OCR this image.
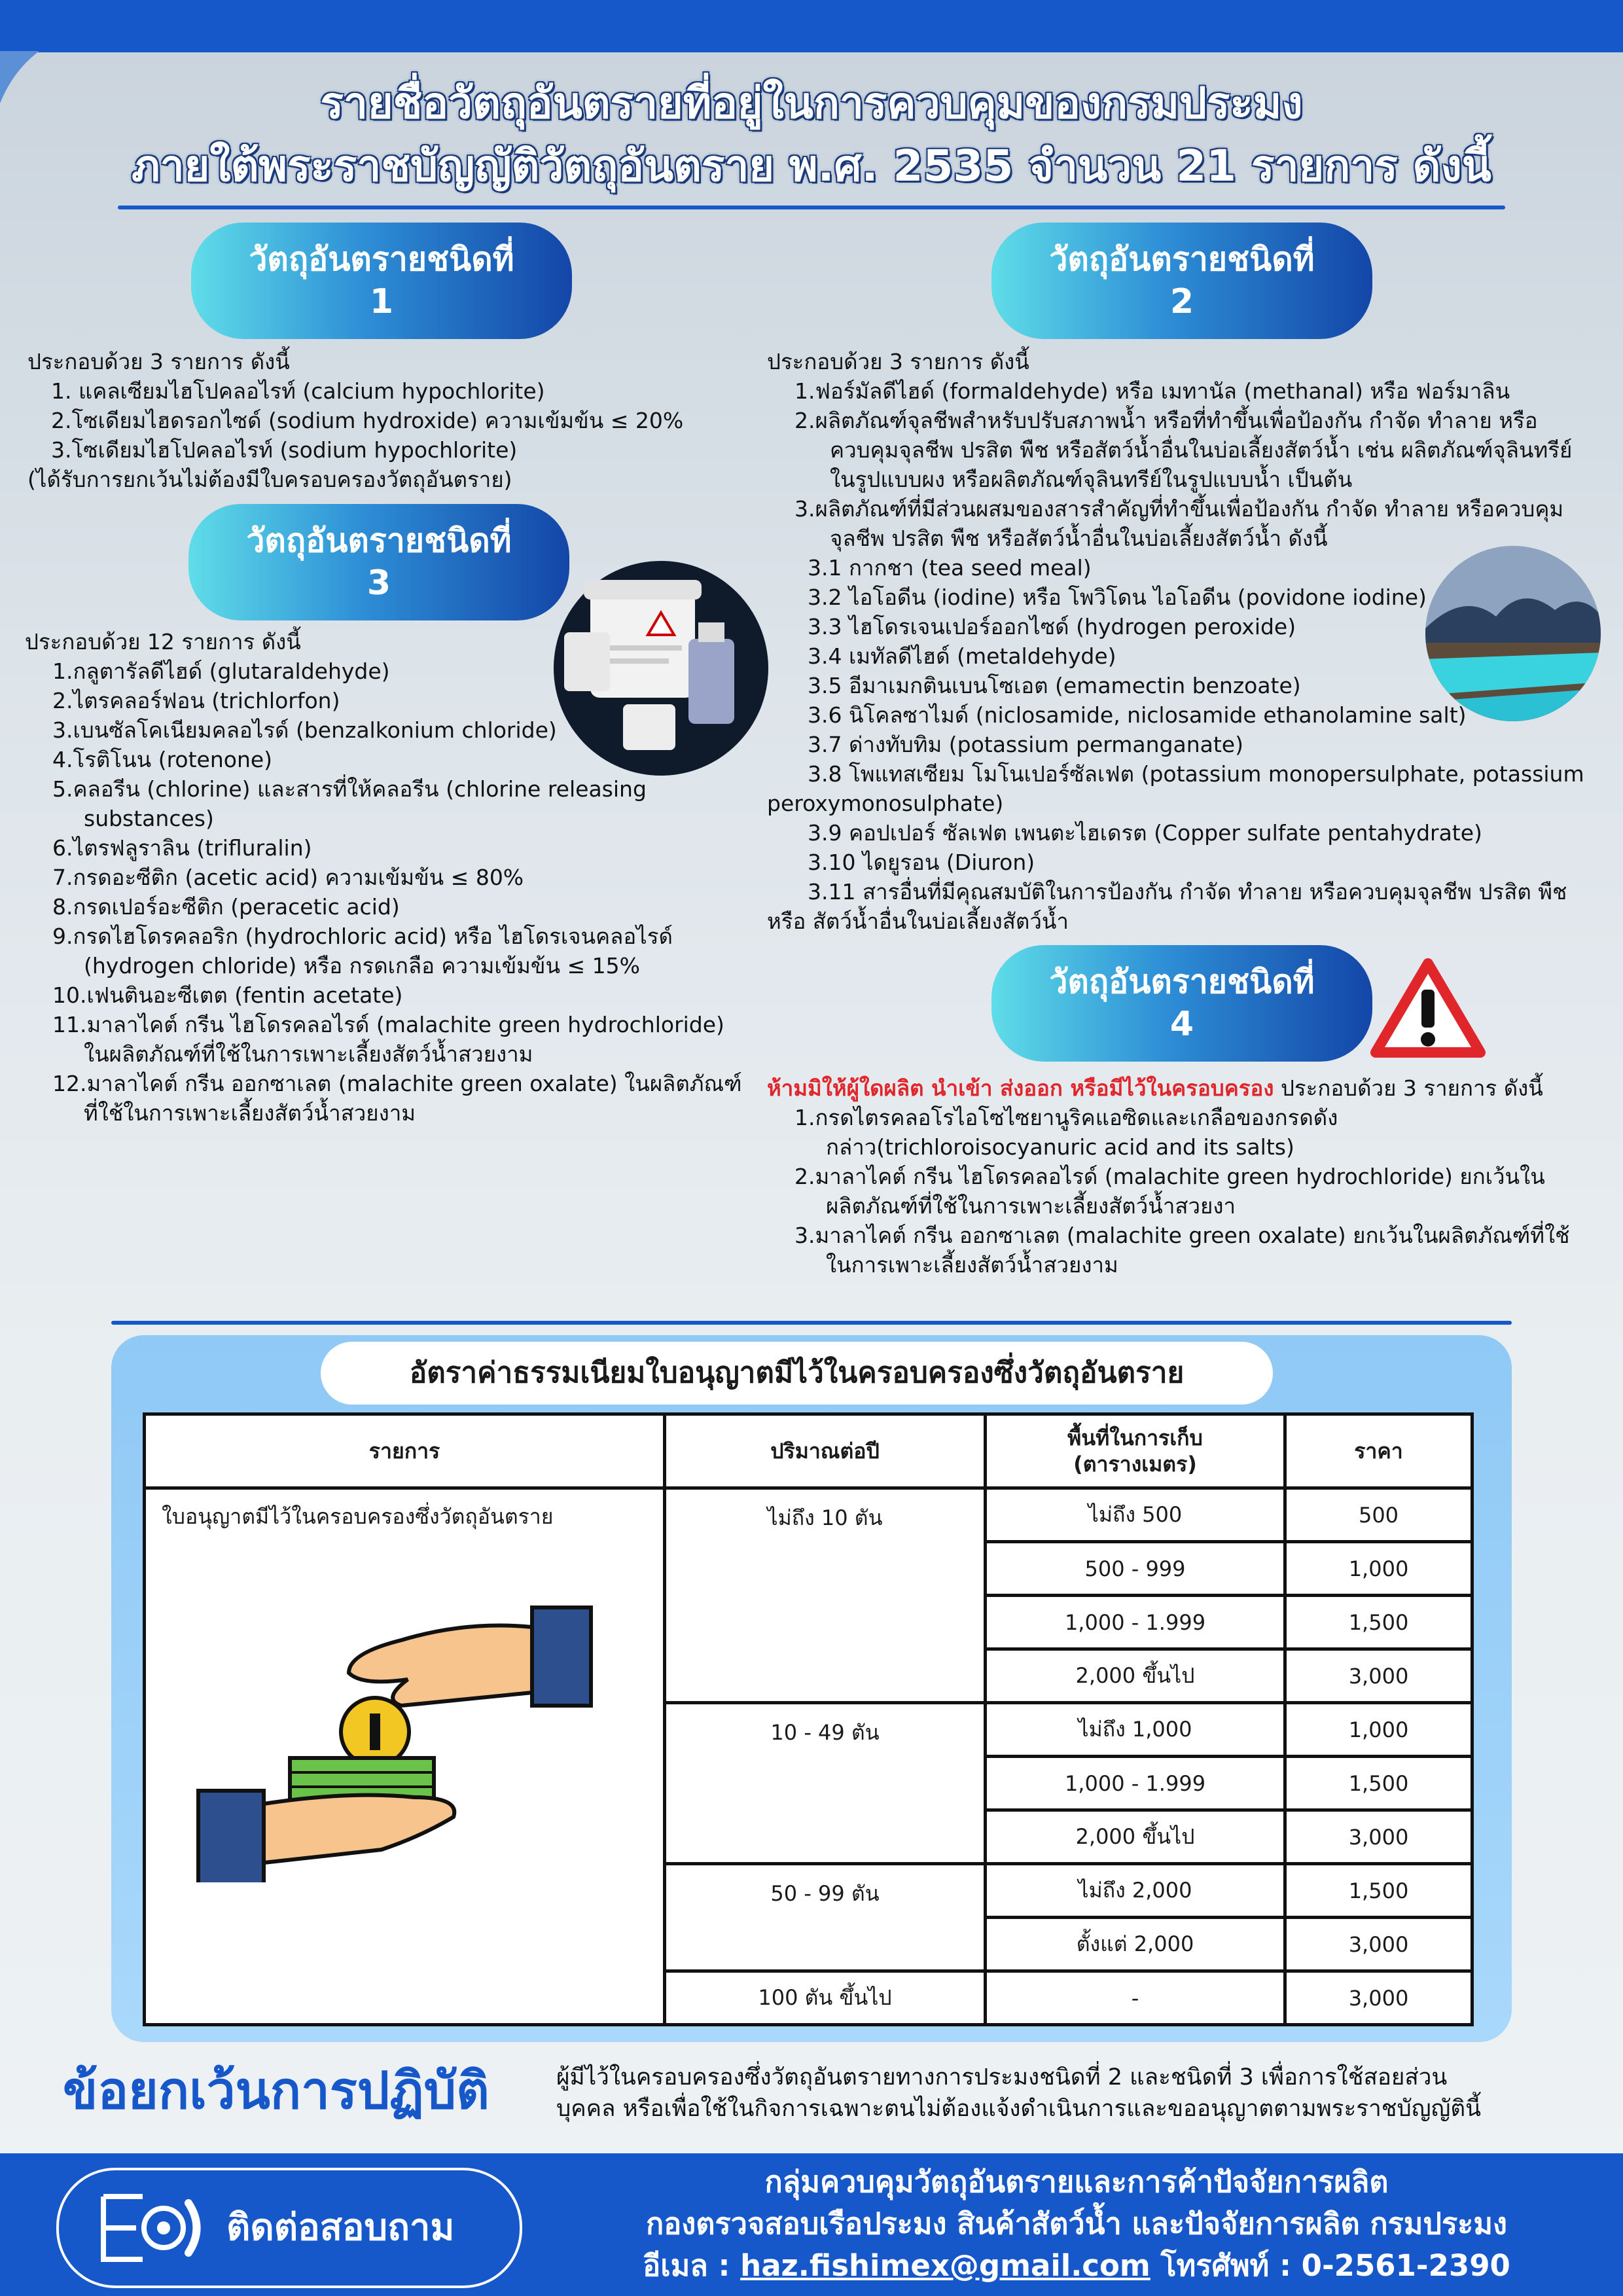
รายชื่อวัตถุอันตรายที่อยู่ในการควบคุมของกรมประมง
ภายใต้พระราชบัญญัติวัตถุอันตราย พ.ศ. 2535 จำนวน 21 รายการ ดังนี้
วัตถุอันตรายชนิดที่
1

ประกอบด้วย 3 รายการ ดังนี้

1. แคลเซียมไฮโปคลอไรท์ (calcium hypochlorite)

2.โซเดียมไฮดรอกไซด์ (sodium hydroxide) ความเข้มข้น ≤ 20%

3.โซเดียมไฮโปคลอไรท์ (sodium hypochlorite)

(ได้รับการยกเว้นไม่ต้องมีใบครอบครองวัตถุอันตราย)

วัตถุอันตรายชนิดที่
3

ประกอบด้วย 12 รายการ ดังนี้

1.กลูตารัลดีไฮด์ (glutaraldehyde)

2.ไตรคลอร์ฟอน (trichlorfon)

3.เบนซัลโคเนียมคลอไรด์ (benzalkonium chloride)

4.โรติโนน (rotenone)

5.คลอรีน (chlorine) และสารที่ให้คลอรีน (chlorine releasing substances)

6.ไตรฟลูราลิน (trifluralin)

7.กรดอะซีติก (acetic acid) ความเข้มข้น ≤ 80%

8.กรดเปอร์อะซีติก (peracetic acid)

9.กรดไฮโดรคลอริก (hydrochloric acid) หรือ ไฮโดรเจนคลอไรด์ (hydrogen chloride) หรือ กรดเกลือ ความเข้มข้น ≤ 15%

10.เฟนตินอะซีเตต (fentin acetate)

11.มาลาไคต์ กรีน ไฮโดรคลอไรด์ (malachite green hydrochloride) ในผลิตภัณฑ์ที่ใช้ในการเพาะเลี้ยงสัตว์น้ำสวยงาม

12.มาลาไคต์ กรีน ออกซาเลต (malachite green oxalate) ในผลิตภัณฑ์ที่ใช้ในการเพาะเลี้ยงสัตว์น้ำสวยงาม

วัตถุอันตรายชนิดที่
2

ประกอบด้วย 3 รายการ ดังนี้

1.ฟอร์มัลดีไฮด์ (formaldehyde) หรือ เมทานัล (methanal) หรือ ฟอร์มาลิน

2.ผลิตภัณฑ์จุลชีพสำหรับปรับสภาพน้ำ หรือที่ทำขึ้นเพื่อป้องกัน กำจัด ทำลาย หรือควบคุมจุลชีพ ปรสิต พืช หรือสัตว์น้ำอื่นในบ่อเลี้ยงสัตว์น้ำ เช่น ผลิตภัณฑ์จุลินทรีย์ในรูปแบบผง หรือผลิตภัณฑ์จุลินทรีย์ในรูปแบบน้ำ เป็นต้น

3.ผลิตภัณฑ์ที่มีส่วนผสมของสารสำคัญที่ทำขึ้นเพื่อป้องกัน กำจัด ทำลาย หรือควบคุมจุลชีพ ปรสิต พืช หรือสัตว์น้ำอื่นในบ่อเลี้ยงสัตว์น้ำ ดังนี้

3.1 กากชา (tea seed meal)

3.2 ไอโอดีน (iodine) หรือ โพวิโดน ไอโอดีน (povidone iodine)

3.3 ไฮโดรเจนเปอร์ออกไซด์ (hydrogen peroxide)

3.4 เมทัลดีไฮด์ (metaldehyde)

3.5 อีมาเมกตินเบนโซเอต (emamectin benzoate)

3.6 นิโคลซาไมด์ (niclosamide, niclosamide ethanolamine salt)

3.7 ด่างทับทิม (potassium permanganate)

3.8 โพแทสเซียม โมโนเปอร์ซัลเฟต (potassium monopersulphate, potassium peroxymonosulphate)

3.9 คอปเปอร์ ซัลเฟต เพนตะไฮเดรต (Copper sulfate pentahydrate)

3.10 ไดยูรอน (Diuron)

3.11 สารอื่นที่มีคุณสมบัติในการป้องกัน กำจัด ทำลาย หรือควบคุมจุลชีพ ปรสิต พืช หรือ สัตว์น้ำอื่นในบ่อเลี้ยงสัตว์น้ำ

วัตถุอันตรายชนิดที่
4

ห้ามมิให้ผู้ใดผลิต นำเข้า ส่งออก หรือมีไว้ในครอบครอง ประกอบด้วย 3 รายการ ดังนี้

1.กรดไตรคลอโรไอโซไซยานูริคแอซิดและเกลือของกรดดังกล่าว(trichloroisocyanuric acid and its salts)

2.มาลาไคต์ กรีน ไฮโดรคลอไรด์ (malachite green hydrochloride) ยกเว้นในผลิตภัณฑ์ที่ใช้ในการเพาะเลี้ยงสัตว์น้ำสวยงา

3.มาลาไคต์ กรีน ออกซาเลต (malachite green oxalate) ยกเว้นในผลิตภัณฑ์ที่ใช้ในการเพาะเลี้ยงสัตว์น้ำสวยงาม

อัตราค่าธรรมเนียมใบอนุญาตมีไว้ในครอบครองซึ่งวัตถุอันตราย
รายการ	ปริมาณต่อปี	พื้นที่ในการเก็บ
(ตารางเมตร)	ราคา

ใบอนุญาตมีไว้ในครอบครองซึ่งวัตถุอันตราย	ไม่ถึง 10 ตัน	ไม่ถึง 500	500
		500 - 999	1,000
		1,000 - 1.999	1,500
		2,000 ขึ้นไป	3,000
	10 - 49 ตัน	ไม่ถึง 1,000	1,000
		1,000 - 1.999	1,500
		2,000 ขึ้นไป	3,000
	50 - 99 ตัน	ไม่ถึง 2,000	1,500
		ตั้งแต่ 2,000	3,000
	100 ตัน ขึ้นไป	-	3,000
ข้อยกเว้นการปฏิบัติ	ผู้มีไว้ในครอบครองซึ่งวัตถุอันตรายทางการประมงชนิดที่ 2 และชนิดที่ 3 เพื่อการใช้สอยส่วน
บุคคล หรือเพื่อใช้ในกิจการเฉพาะตนไม่ต้องแจ้งดำเนินการและขออนุญาตตามพระราชบัญญัตินี้
ติดต่อสอบถาม
กลุ่มควบคุมวัตถุอันตรายและการค้าปัจจัยการผลิต
กองตรวจสอบเรือประมง สินค้าสัตว์น้ำ และปัจจัยการผลิต กรมประมง
อีเมล : haz.fishimex@gmail.com โทรศัพท์ : 0-2561-2390
